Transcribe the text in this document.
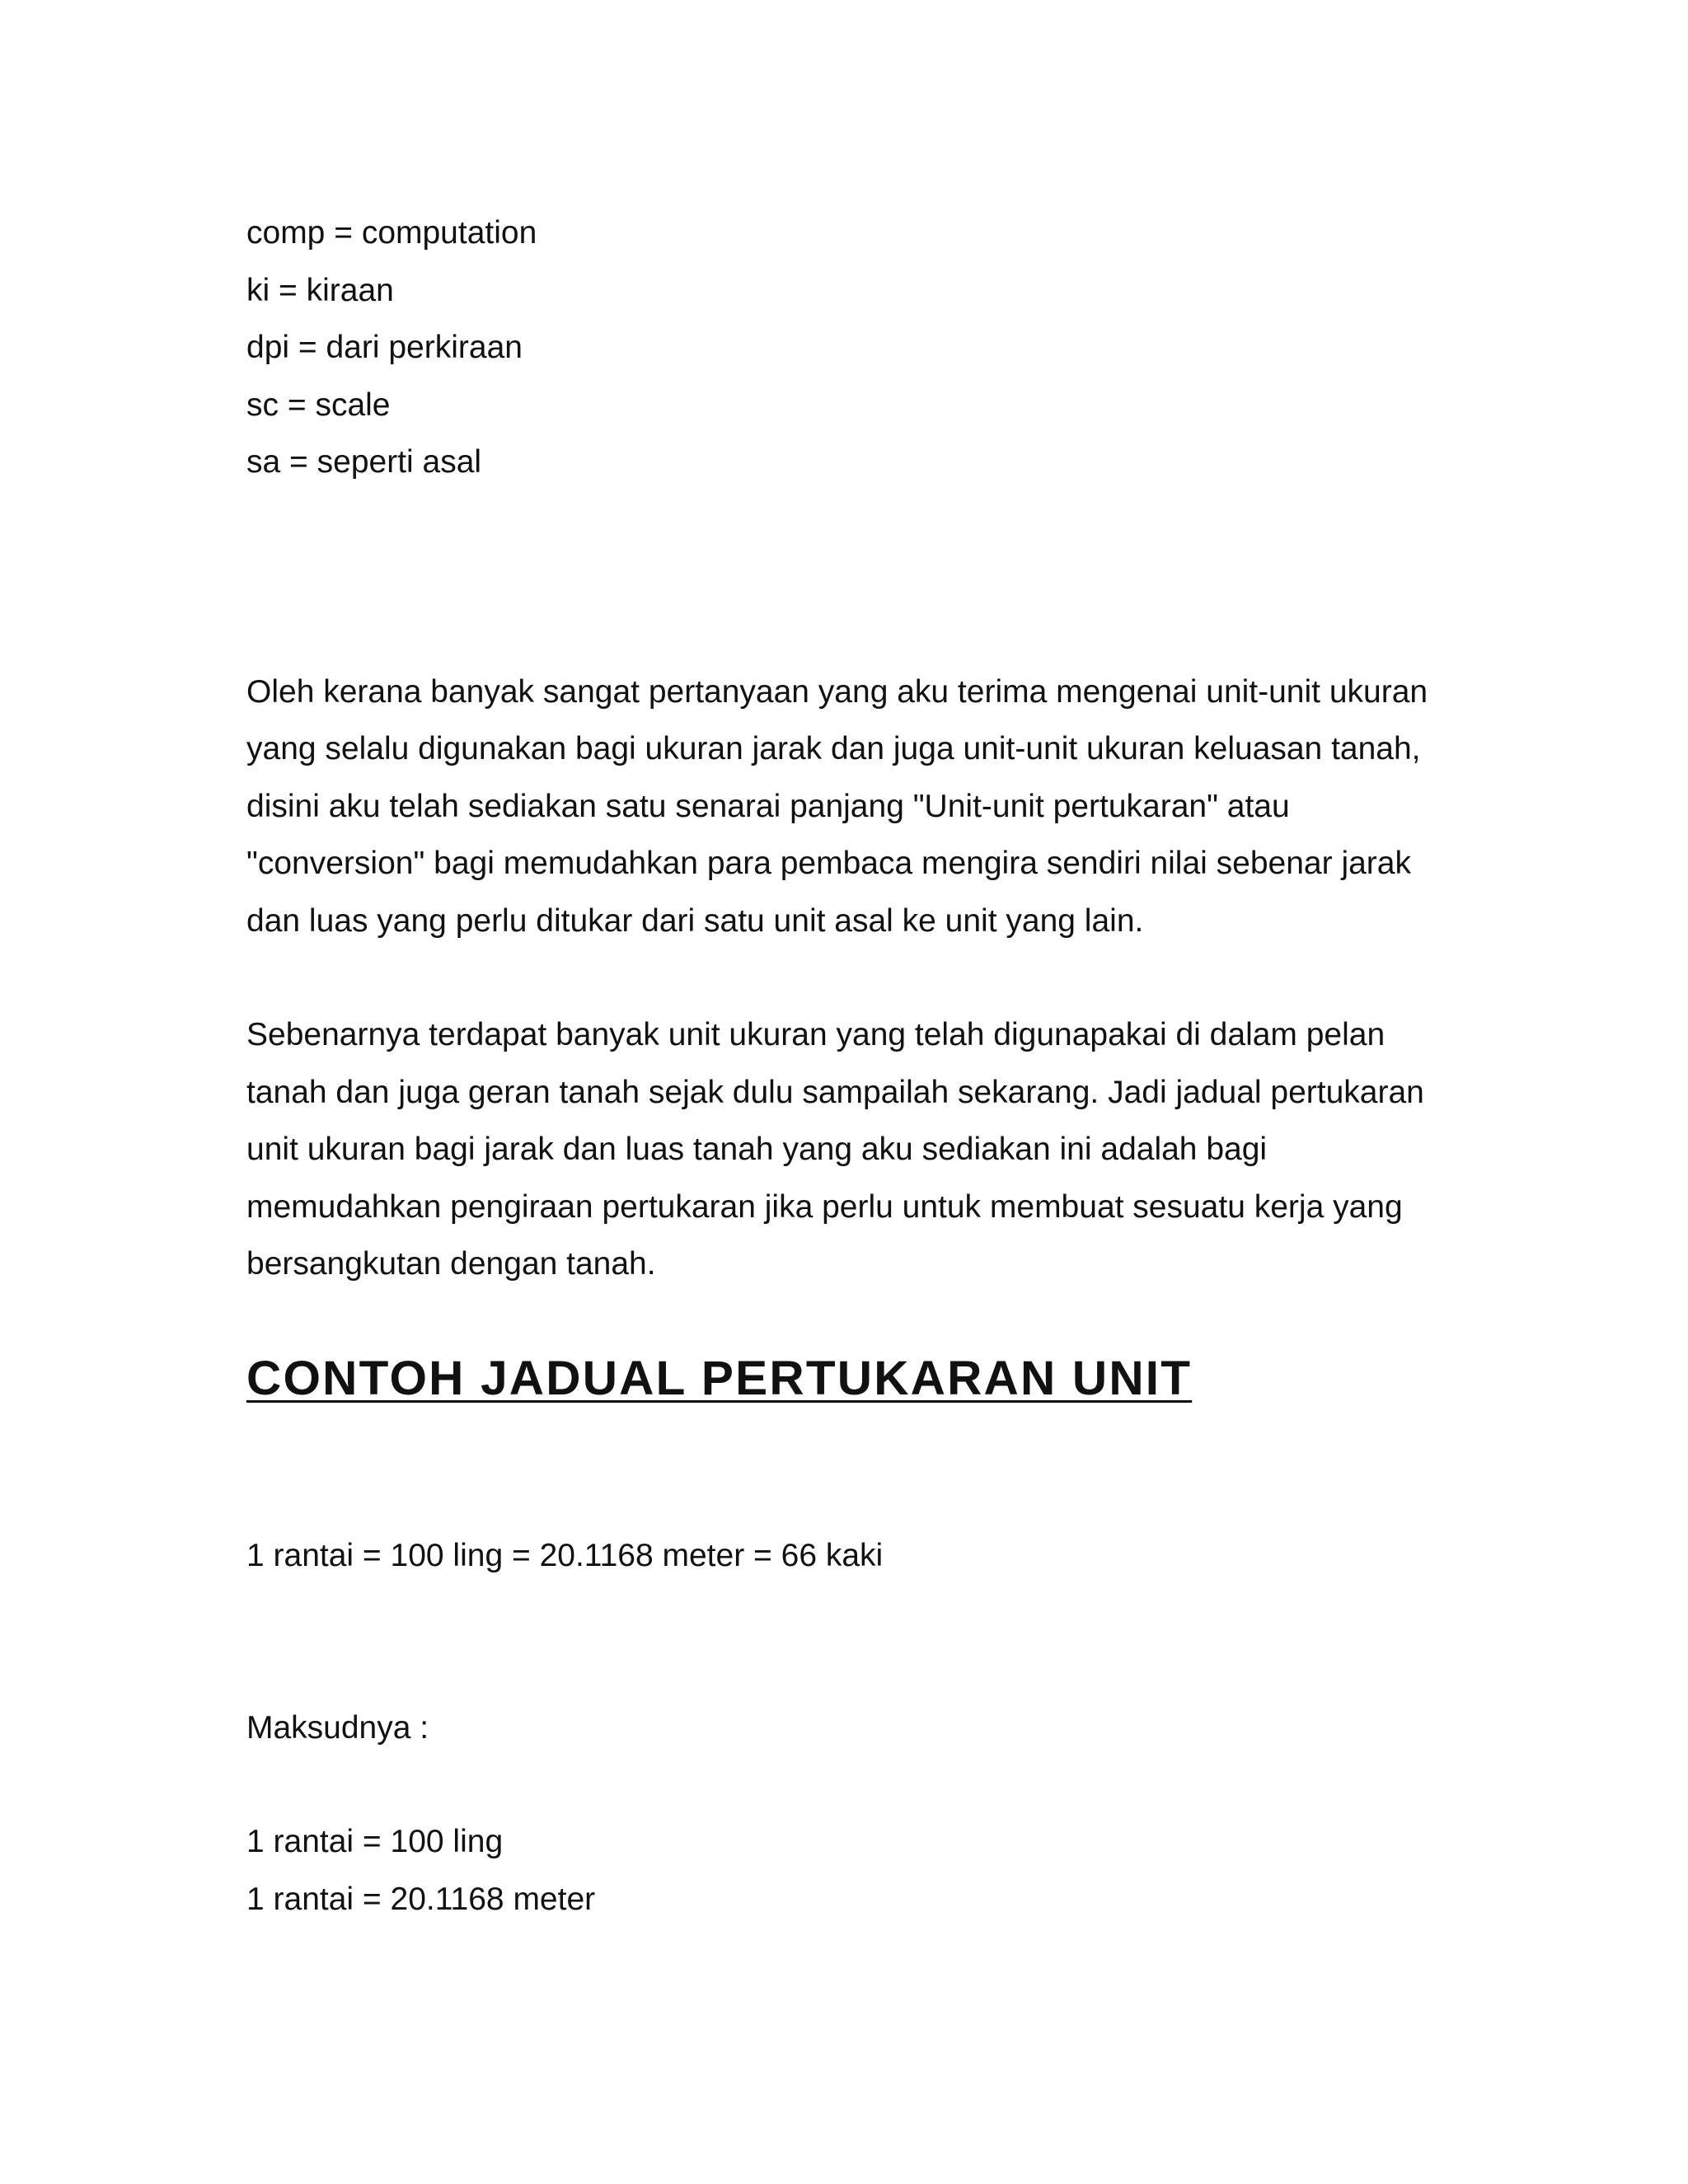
comp = computation
ki = kiraan
dpi = dari perkiraan
sc = scale
sa = seperti asal

Oleh kerana banyak sangat pertanyaan yang aku terima mengenai unit-unit ukuran yang selalu digunakan bagi ukuran jarak dan juga unit-unit ukuran keluasan tanah, disini aku telah sediakan satu senarai panjang "Unit-unit pertukaran" atau "conversion" bagi memudahkan para pembaca mengira sendiri nilai sebenar jarak dan luas yang perlu ditukar dari satu unit asal ke unit yang lain.

Sebenarnya terdapat banyak unit ukuran yang telah digunapakai di dalam pelan tanah dan juga geran tanah sejak dulu sampailah sekarang. Jadi jadual pertukaran unit ukuran bagi jarak dan luas tanah yang aku sediakan ini adalah bagi memudahkan pengiraan pertukaran jika perlu untuk membuat sesuatu kerja yang bersangkutan dengan tanah.

CONTOH JADUAL PERTUKARAN UNIT

1 rantai = 100 ling = 20.1168 meter = 66 kaki

Maksudnya :

1 rantai = 100 ling
1 rantai = 20.1168 meter
